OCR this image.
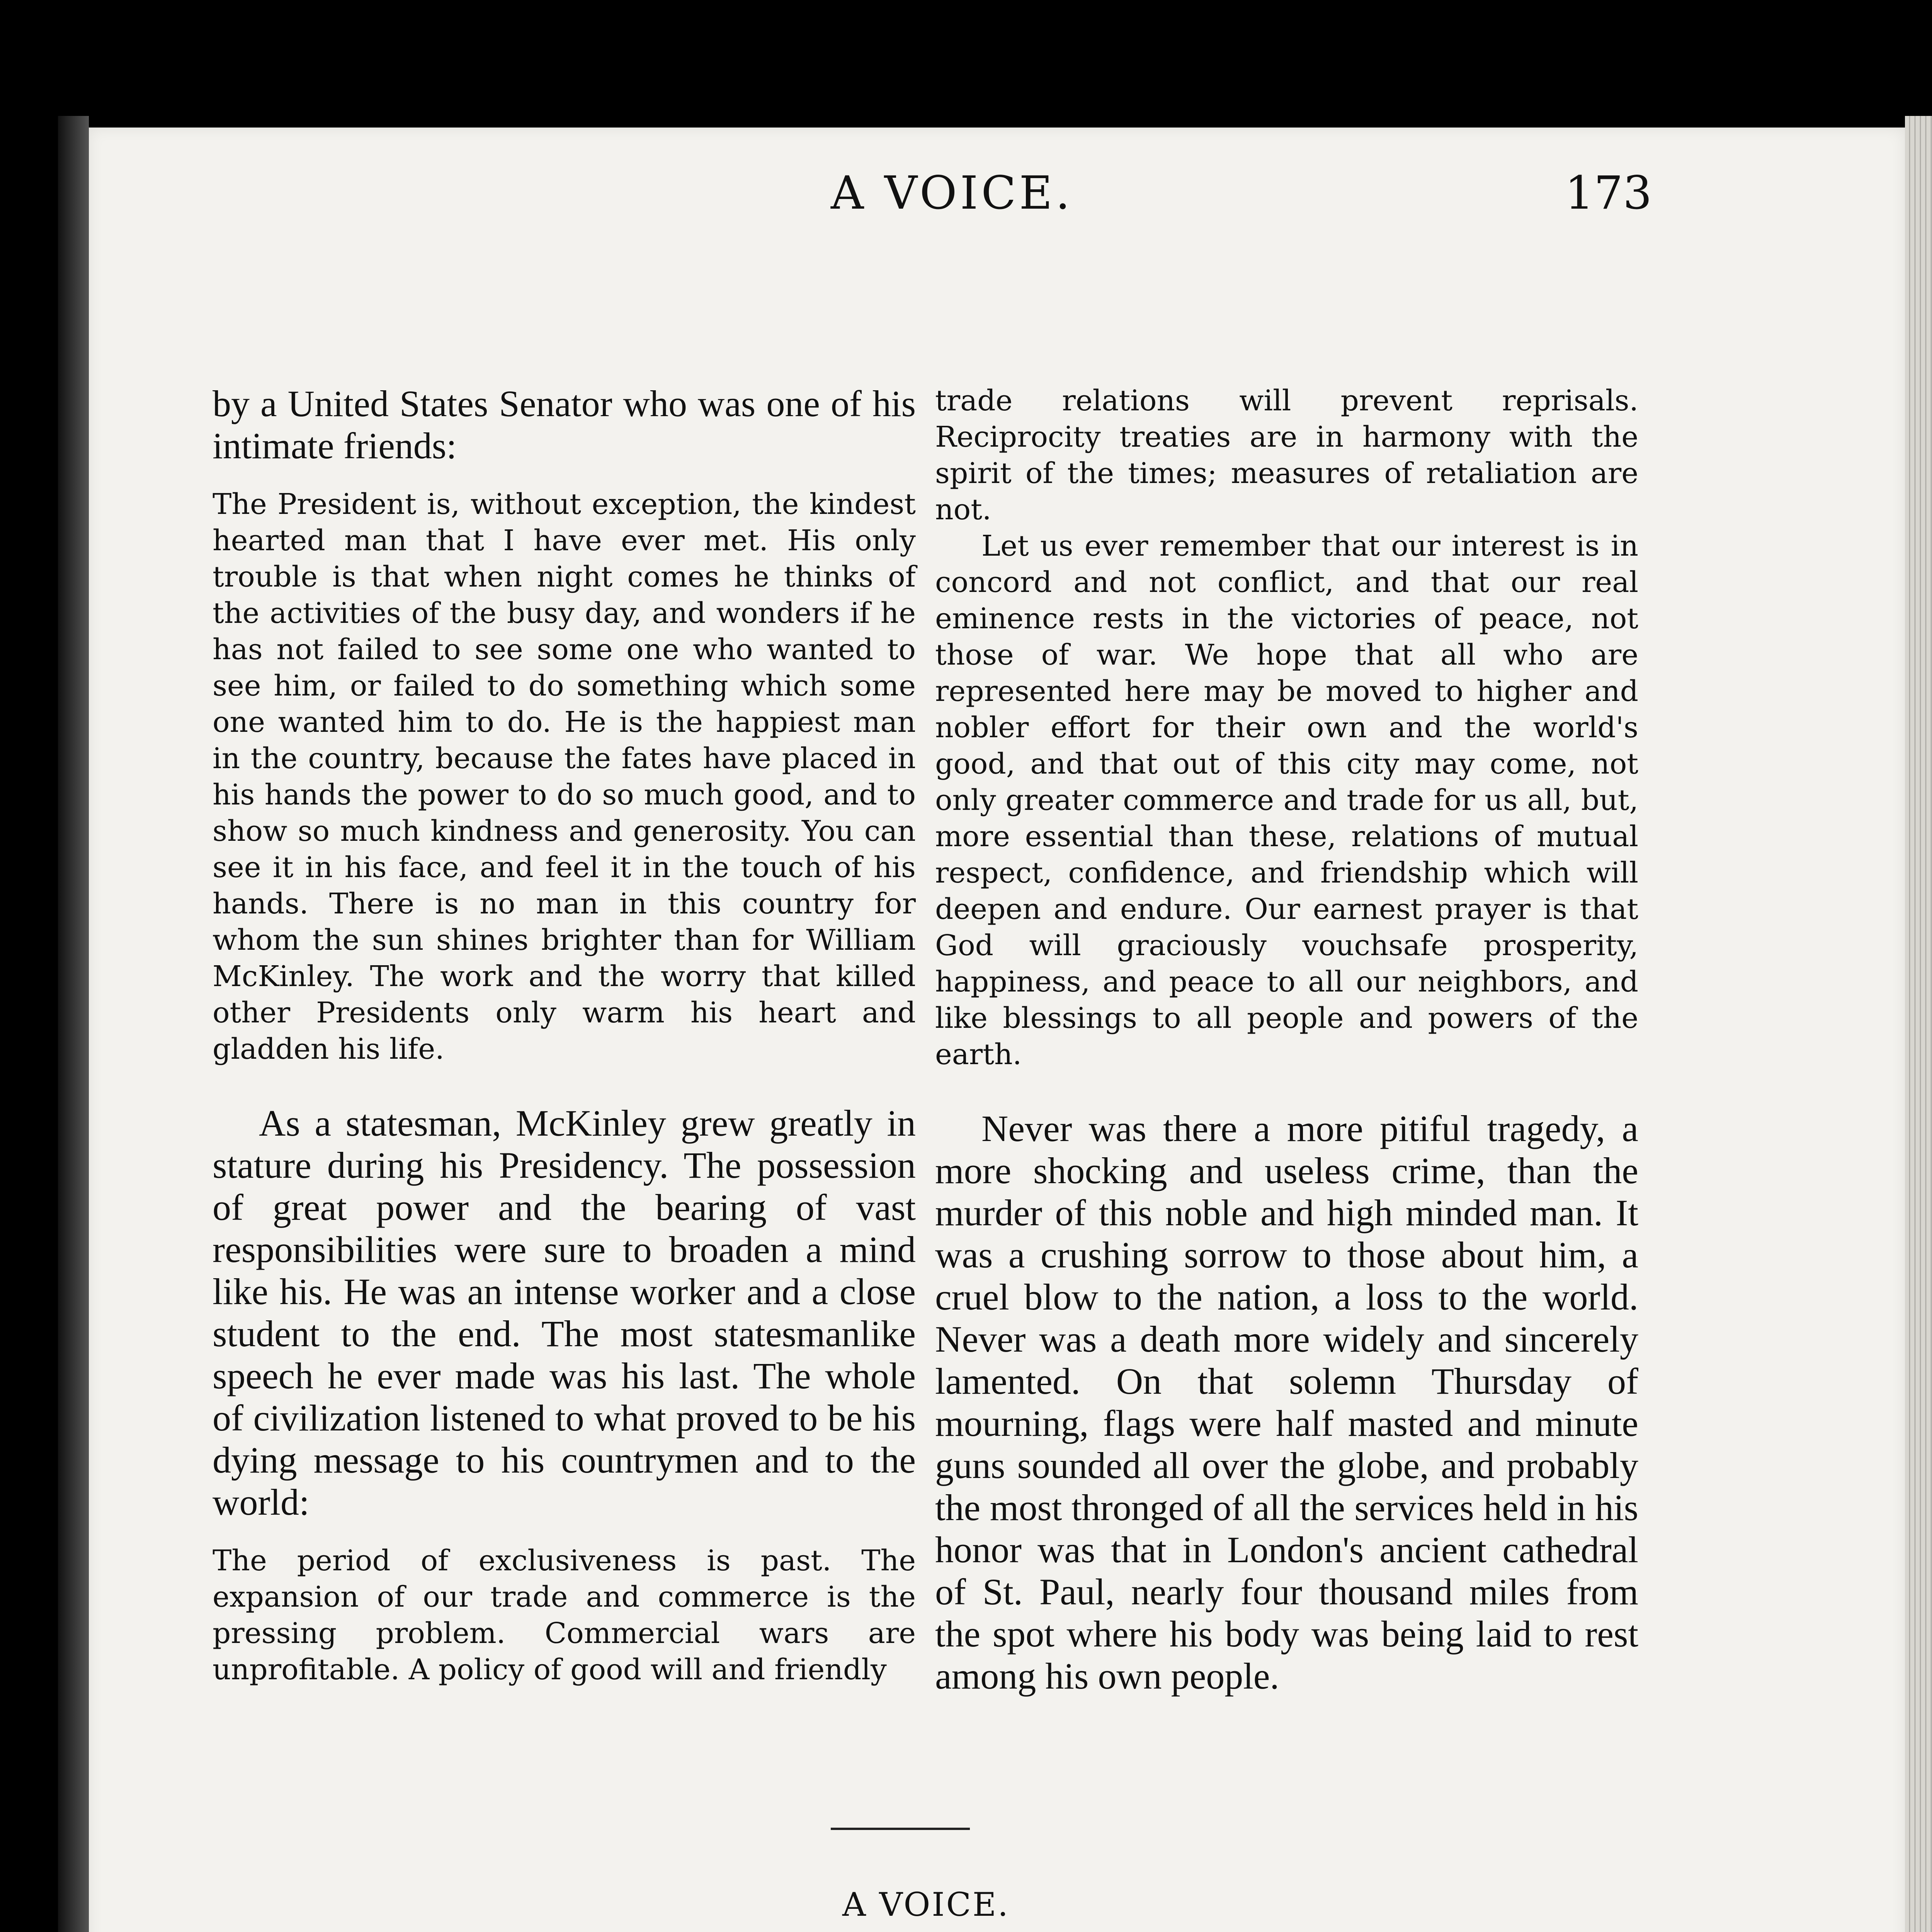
A VOICE.	173

by a United States Senator who was one of his intimate friends:

The President is, without exception, the kindest hearted man that I have ever met. His only trouble is that when night comes he thinks of the activities of the busy day, and wonders if he has not failed to see some one who wanted to see him, or failed to do something which some one wanted him to do. He is the happiest man in the country, because the fates have placed in his hands the power to do so much good, and to show so much kindness and generosity. You can see it in his face, and feel it in the touch of his hands. There is no man in this country for whom the sun shines brighter than for William McKinley. The work and the worry that killed other Presidents only warm his heart and gladden his life.

As a statesman, McKinley grew greatly in stature during his Presidency. The possession of great power and the bearing of vast responsibilities were sure to broaden a mind like his. He was an intense worker and a close student to the end. The most statesmanlike speech he ever made was his last. The whole of civilization listened to what proved to be his dying message to his countrymen and to the world:

The period of exclusiveness is past. The expansion of our trade and commerce is the pressing problem. Commercial wars are unprofitable. A policy of good will and friendly

trade relations will prevent reprisals. Reciprocity treaties are in harmony with the spirit of the times; measures of retaliation are not.

Let us ever remember that our interest is in concord and not conflict, and that our real eminence rests in the victories of peace, not those of war. We hope that all who are represented here may be moved to higher and nobler effort for their own and the world's good, and that out of this city may come, not only greater commerce and trade for us all, but, more essential than these, relations of mutual respect, confidence, and friendship which will deepen and endure. Our earnest prayer is that God will graciously vouchsafe prosperity, happiness, and peace to all our neighbors, and like blessings to all people and powers of the earth.

Never was there a more pitiful tragedy, a more shocking and useless crime, than the murder of this noble and high minded man. It was a crushing sorrow to those about him, a cruel blow to the nation, a loss to the world. Never was a death more widely and sincerely lamented. On that solemn Thursday of mourning, flags were half masted and minute guns sounded all over the globe, and probably the most thronged of all the services held in his honor was that in London's ancient cathedral of St. Paul, nearly four thousand miles from the spot where his body was being laid to rest among his own people.

A VOICE.
